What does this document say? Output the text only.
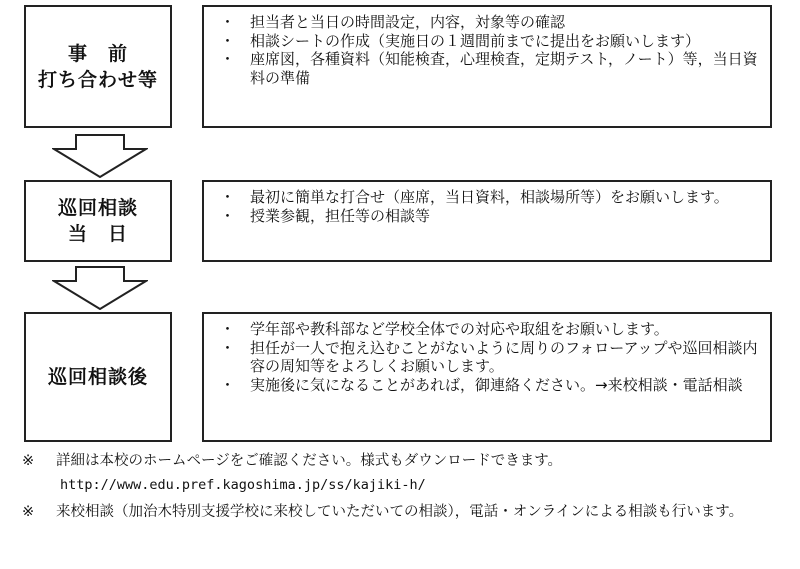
事　前
打ち合わせ等
・ 担当者と当日の時間設定，内容，対象等の確認
・ 相談シートの作成（実施日の１週間前までに提出をお願いします）
・ 座席図，各種資料（知能検査，心理検査，定期テスト，ノート）等，当日資料の準備
巡回相談
当　日
・ 最初に簡単な打合せ（座席，当日資料，相談場所等）をお願いします。
・ 授業参観，担任等の相談等
巡回相談後
・ 学年部や教科部など学校全体での対応や取組をお願いします。
・ 担任が一人で抱え込むことがないように周りのフォローアップや巡回相談内容の周知等をよろしくお願いします。
・ 実施後に気になることがあれば，御連絡ください。→来校相談・電話相談
※	詳細は本校のホームページをご確認ください。様式もダウンロードできます。
http://www.edu.pref.kagoshima.jp/ss/kajiki-h/
※	来校相談（加治木特別支援学校に来校していただいての相談），電話・オンラインによる相談も行います。
